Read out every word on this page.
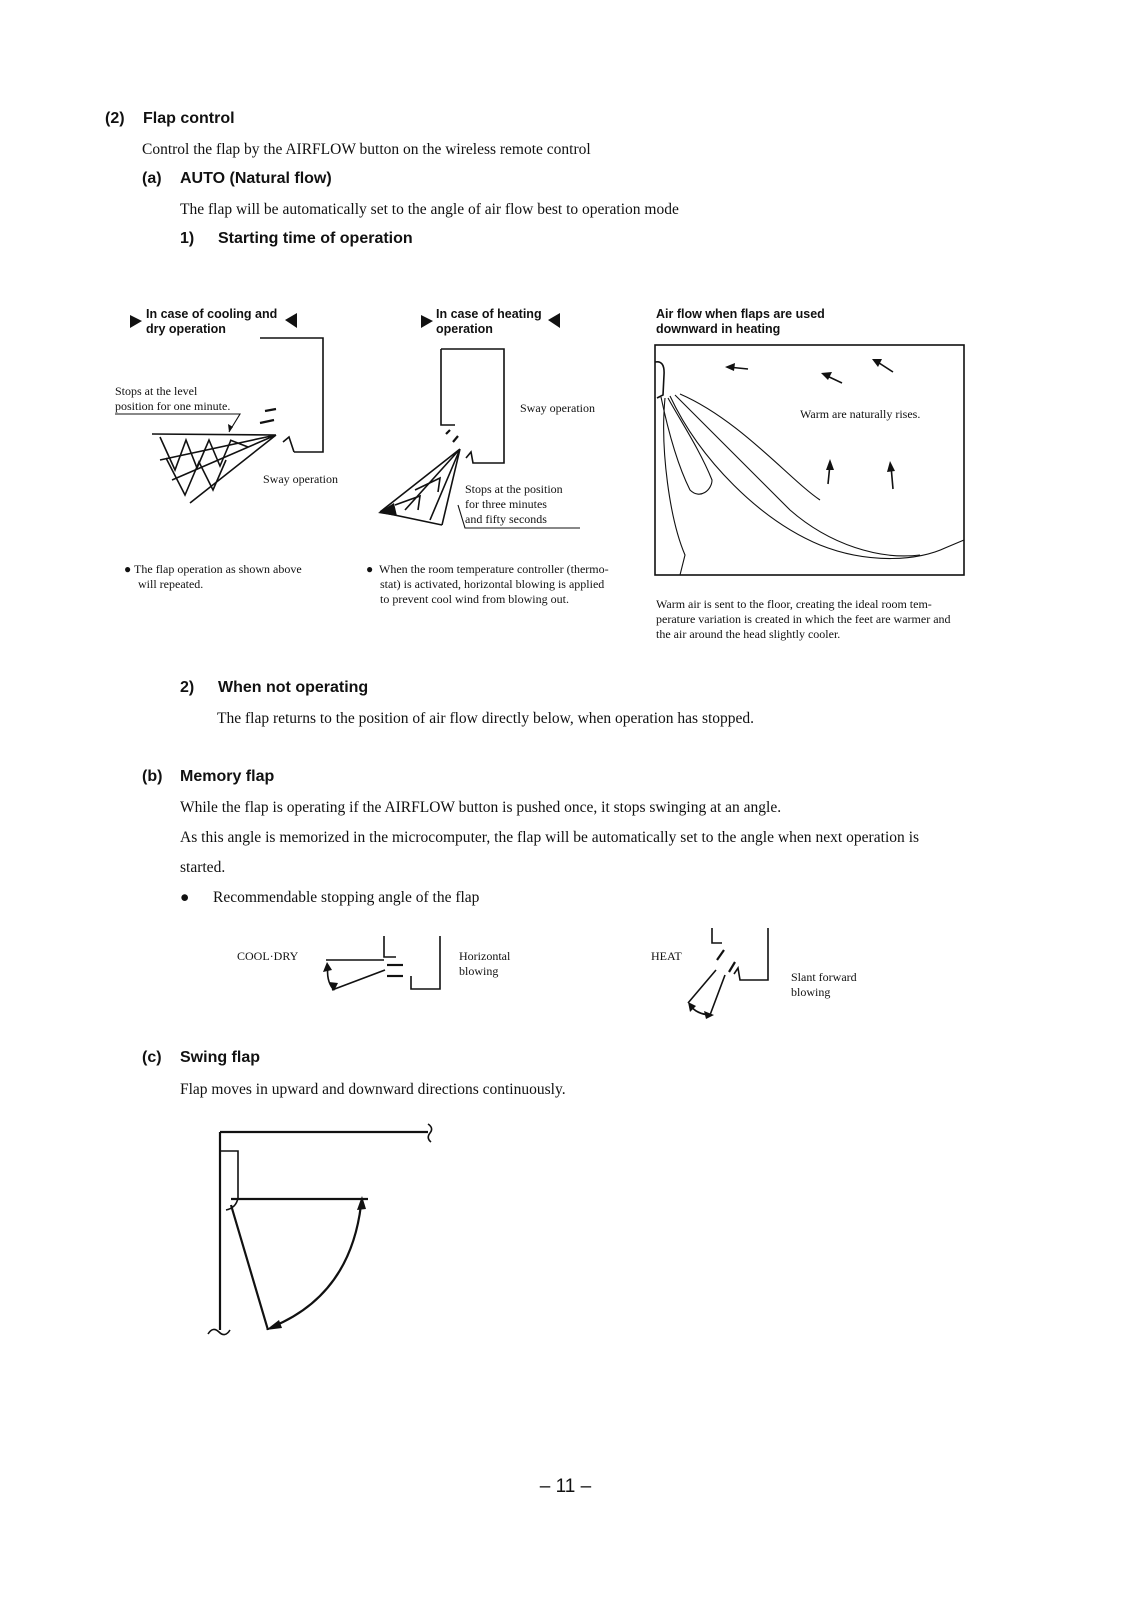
(2) Flap control
Control the flap by the AIRFLOW button on the wireless remote control
(a) AUTO (Natural flow)
The flap will be automatically set to the angle of air flow best to operation mode
1) Starting time of operation
In case of cooling and
dry operation
Stops at the level
position for one minute.
Sway operation
● The flap operation as shown above
will repeated.
In case of heating
operation
Sway operation
Stops at the position
for three minutes
and fifty seconds
●  When the room temperature controller (thermo-
stat) is activated, horizontal blowing is applied
to prevent cool wind from blowing out.
Air flow when flaps are used
downward in heating
Warm are naturally rises.
Warm air is sent to the floor, creating the ideal room tem-
perature variation is created in which the feet are warmer and
the air around the head slightly cooler.
2) When not operating
The flap returns to the position of air flow directly below, when operation has stopped.
(b) Memory flap
While the flap is operating if the AIRFLOW button is pushed once, it stops swinging at an angle.
As this angle is memorized in the microcomputer, the flap will be automatically set to the angle when next operation is
started.
● Recommendable stopping angle of the flap
COOL·DRY	Horizontal
blowing
HEAT
Slant forward
blowing
(c) Swing flap
Flap moves in upward and downward directions continuously.
– 11 –
